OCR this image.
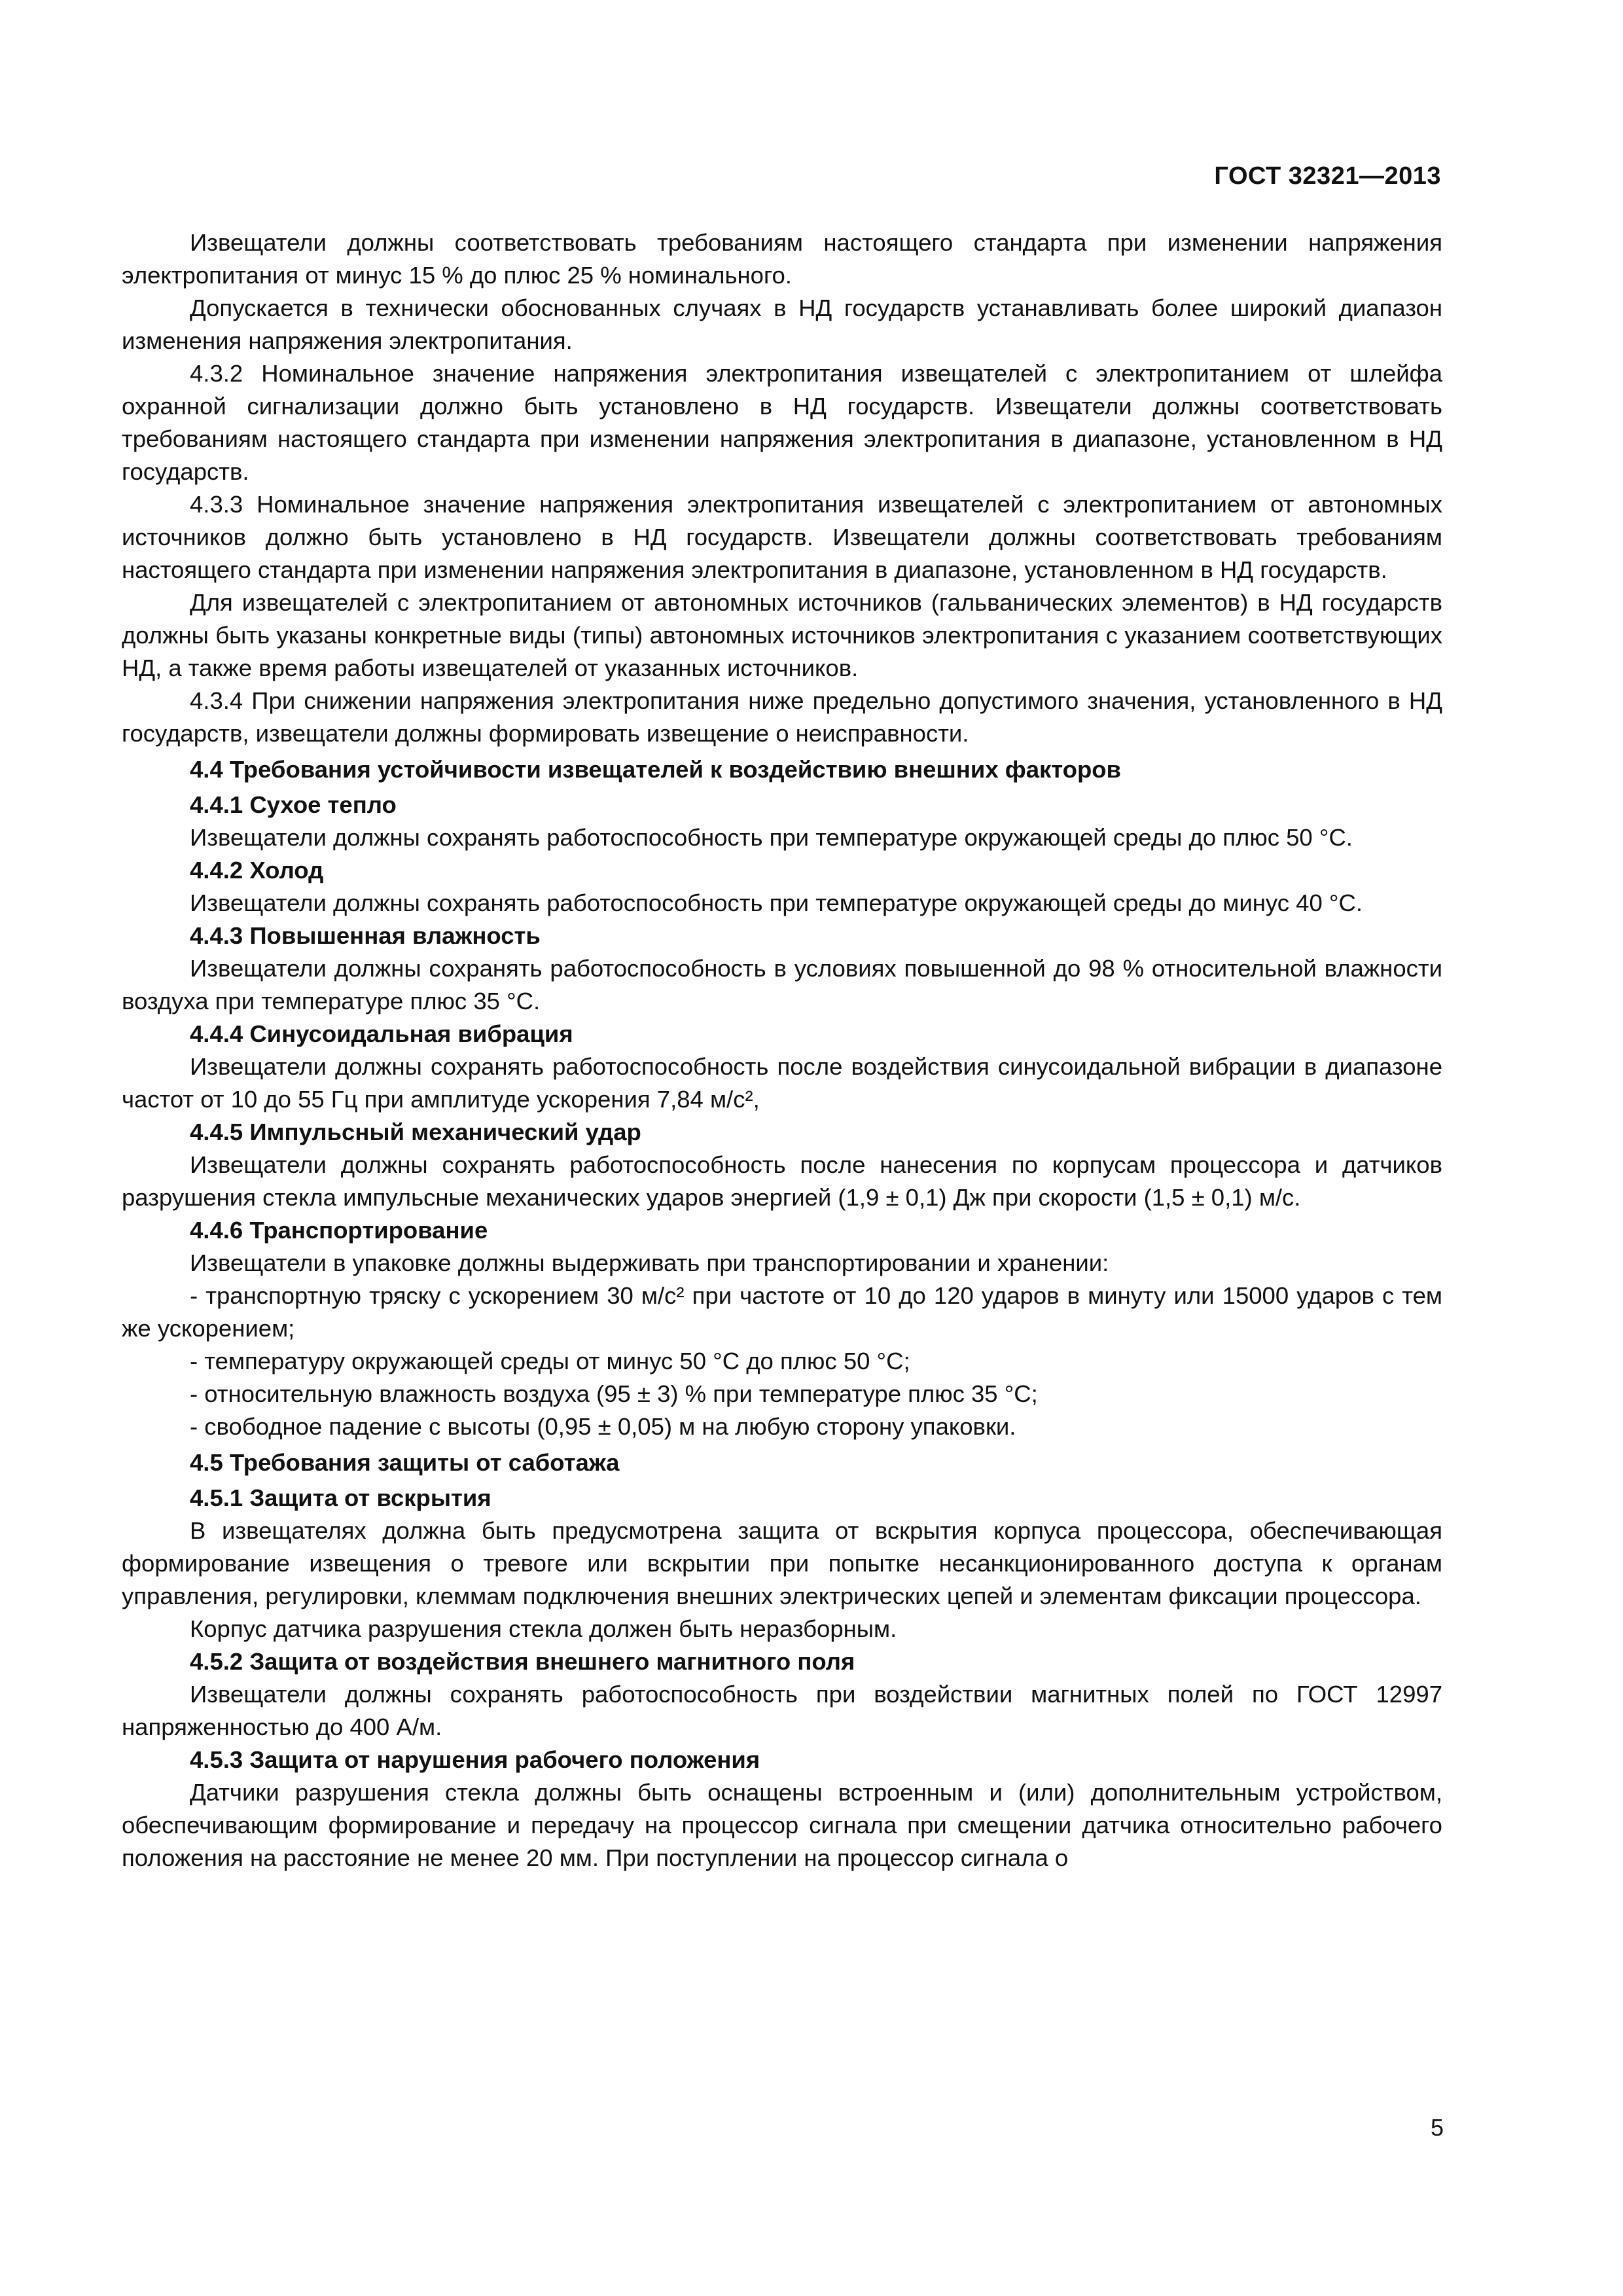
ГОСТ 32321—2013

Извещатели должны соответствовать требованиям настоящего стандарта при изменении напряжения электропитания от минус 15 % до плюс 25 % номинального.

Допускается в технически обоснованных случаях в НД государств устанавливать более широкий диапазон изменения напряжения электропитания.

4.3.2 Номинальное значение напряжения электропитания извещателей с электропитанием от шлейфа охранной сигнализации должно быть установлено в НД государств. Извещатели должны соответствовать требованиям настоящего стандарта при изменении напряжения электропитания в диапазоне, установленном в НД государств.

4.3.3 Номинальное значение напряжения электропитания извещателей с электропитанием от автономных источников должно быть установлено в НД государств. Извещатели должны соответствовать требованиям настоящего стандарта при изменении напряжения электропитания в диапазоне, установленном в НД государств.

Для извещателей с электропитанием от автономных источников (гальванических элементов) в НД государств должны быть указаны конкретные виды (типы) автономных источников электропитания с указанием соответствующих НД, а также время работы извещателей от указанных источников.

4.3.4 При снижении напряжения электропитания ниже предельно допустимого значения, установленного в НД государств, извещатели должны формировать извещение о неисправности.

4.4 Требования устойчивости извещателей к воздействию внешних факторов

4.4.1 Сухое тепло

Извещатели должны сохранять работоспособность при температуре окружающей среды до плюс 50 °С.

4.4.2 Холод

Извещатели должны сохранять работоспособность при температуре окружающей среды до минус 40 °С.

4.4.3 Повышенная влажность

Извещатели должны сохранять работоспособность в условиях повышенной до 98 % относительной влажности воздуха при температуре плюс 35 °С.

4.4.4 Синусоидальная вибрация

Извещатели должны сохранять работоспособность после воздействия синусоидальной вибрации в диапазоне частот от 10 до 55 Гц при амплитуде ускорения 7,84 м/с²,

4.4.5 Импульсный механический удар

Извещатели должны сохранять работоспособность после нанесения по корпусам процессора и датчиков разрушения стекла импульсные механических ударов энергией (1,9 ± 0,1) Дж при скорости (1,5 ± 0,1) м/с.

4.4.6 Транспортирование

Извещатели в упаковке должны выдерживать при транспортировании и хранении:

- транспортную тряску с ускорением 30 м/с² при частоте от 10 до 120 ударов в минуту или 15000 ударов с тем же ускорением;

- температуру окружающей среды от минус 50 °С до плюс 50 °С;

- относительную влажность воздуха (95 ± 3) % при температуре плюс 35 °С;

- свободное падение с высоты (0,95 ± 0,05) м на любую сторону упаковки.

4.5 Требования защиты от саботажа

4.5.1 Защита от вскрытия

В извещателях должна быть предусмотрена защита от вскрытия корпуса процессора, обеспечивающая формирование извещения о тревоге или вскрытии при попытке несанкционированного доступа к органам управления, регулировки, клеммам подключения внешних электрических цепей и элементам фиксации процессора.

Корпус датчика разрушения стекла должен быть неразборным.

4.5.2 Защита от воздействия внешнего магнитного поля

Извещатели должны сохранять работоспособность при воздействии магнитных полей по ГОСТ 12997 напряженностью до 400 А/м.

4.5.3 Защита от нарушения рабочего положения

Датчики разрушения стекла должны быть оснащены встроенным и (или) дополнительным устройством, обеспечивающим формирование и передачу на процессор сигнала при смещении датчика относительно рабочего положения на расстояние не менее 20 мм. При поступлении на процессор сигнала о

5
